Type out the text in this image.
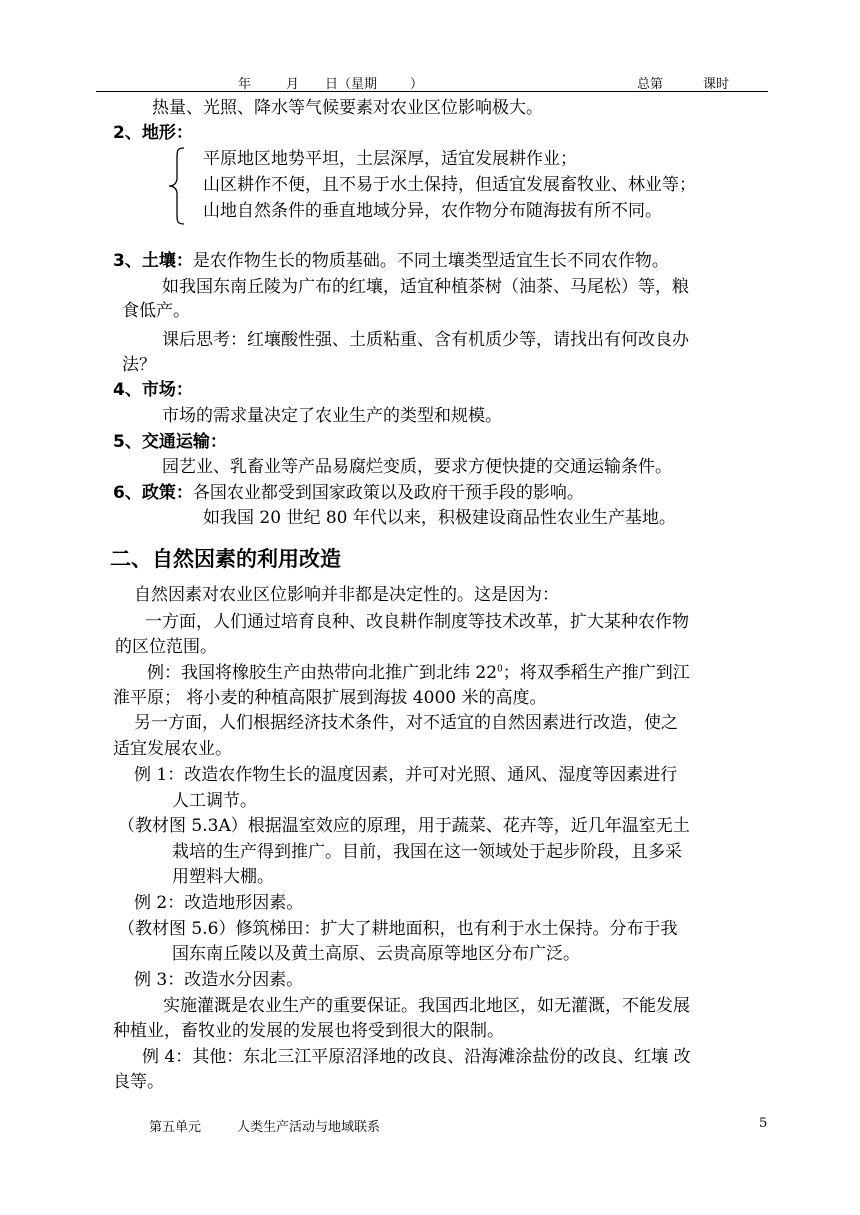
年	月 日（星期	）	总第	课时
热量、光照、降水等气候要素对农业区位影响极大。
2、地形：
平原地区地势平坦，土层深厚，适宜发展耕作业；
山区耕作不便，且不易于水土保持，但适宜发展畜牧业、林业等；
山地自然条件的垂直地域分异，农作物分布随海拔有所不同。
3、土壤：是农作物生长的物质基础。不同土壤类型适宜生长不同农作物。
如我国东南丘陵为广布的红壤，适宜种植茶树（油茶、马尾松）等，粮
食低产。
课后思考：红壤酸性强、土质粘重、含有机质少等，请找出有何改良办
法？
4、市场：
市场的需求量决定了农业生产的类型和规模。
5、交通运输：
园艺业、乳畜业等产品易腐烂变质，要求方便快捷的交通运输条件。
6、政策：各国农业都受到国家政策以及政府干预手段的影响。
如我国 20 世纪 80 年代以来，积极建设商品性农业生产基地。
二、自然因素的利用改造
自然因素对农业区位影响并非都是决定性的。这是因为：
一方面，人们通过培育良种、改良耕作制度等技术改革，扩大某种农作物
的区位范围。
例：我国将橡胶生产由热带向北推广到北纬 $22^0$；将双季稻生产推广到江
淮平原； 将小麦的种植高限扩展到海拔 4000 米的高度。
另一方面，人们根据经济技术条件，对不适宜的自然因素进行改造，使之
适宜发展农业。
例 1：改造农作物生长的温度因素，并可对光照、通风、湿度等因素进行
人工调节。
（教材图 5.3A）根据温室效应的原理，用于蔬菜、花卉等，近几年温室无土
栽培的生产得到推广。目前，我国在这一领域处于起步阶段，且多采
用塑料大棚。
例 2：改造地形因素。
（教材图 5.6）修筑梯田：扩大了耕地面积，也有利于水土保持。分布于我
国东南丘陵以及黄土高原、云贵高原等地区分布广泛。
例 3：改造水分因素。
实施灌溉是农业生产的重要保证。我国西北地区，如无灌溉，不能发展
种植业，畜牧业的发展的发展也将受到很大的限制。
例 4：其他：东北三江平原沼泽地的改良、沿海滩涂盐份的改良、红壤 改
良等。
第五单元	人类生产活动与地域联系	5
